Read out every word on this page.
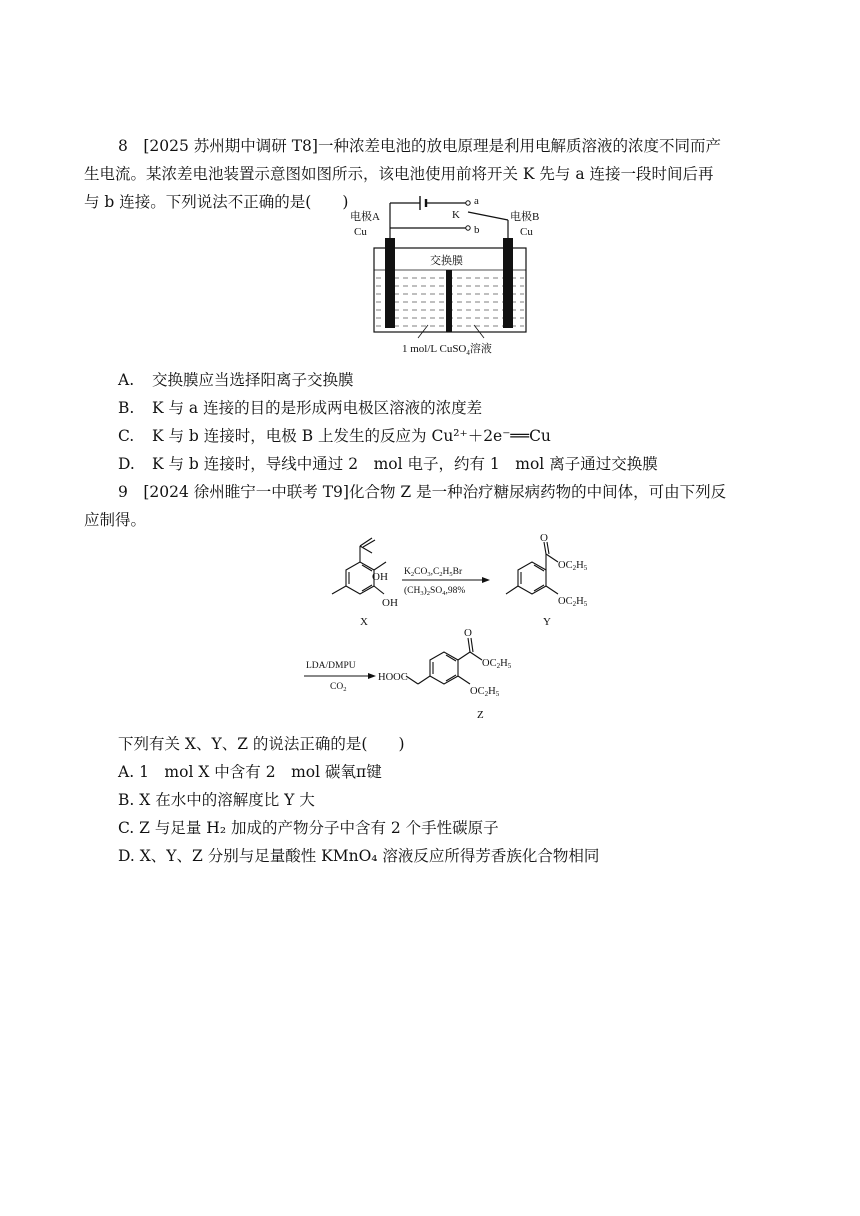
8　[2025 苏州期中调研 T8]一种浓差电池的放电原理是利用电解质溶液的浓度不同而产
生电流。某浓差电池装置示意图如图所示，该电池使用前将开关 K 先与 a 连接一段时间后再
与 b 连接。下列说法不正确的是(　　)	a
b
K
电极A
Cu
电极B
Cu
交换膜
1 mol/L CuSO$_4$溶液
A. 交换膜应当选择阳离子交换膜
B. K 与 a 连接的目的是形成两电极区溶液的浓度差
C. K 与 b 连接时，电极 B 上发生的反应为 Cu²⁺＋2e⁻══Cu
D. K 与 b 连接时，导线中通过 2　mol 电子，约有 1　mol 离子通过交换膜
9　[2024 徐州睢宁一中联考 T9]化合物 Z 是一种治疗糖尿病药物的中间体，可由下列反
应制得。
OH
OH
X
$K_2CO_3,C_2H_5Br$
$(CH_3)_2SO_4,98\%$
O
OC2H5
OC2H5
Y
LDA/DMPU
$CO_2$
HOOC
O
OC2H5
OC2H5
Z
下列有关 X、Y、Z 的说法正确的是(　　)
A. 1　mol X 中含有 2　mol 碳氧π键
B. X 在水中的溶解度比 Y 大
C. Z 与足量 H₂ 加成的产物分子中含有 2 个手性碳原子
D. X、Y、Z 分别与足量酸性 KMnO₄ 溶液反应所得芳香族化合物相同
